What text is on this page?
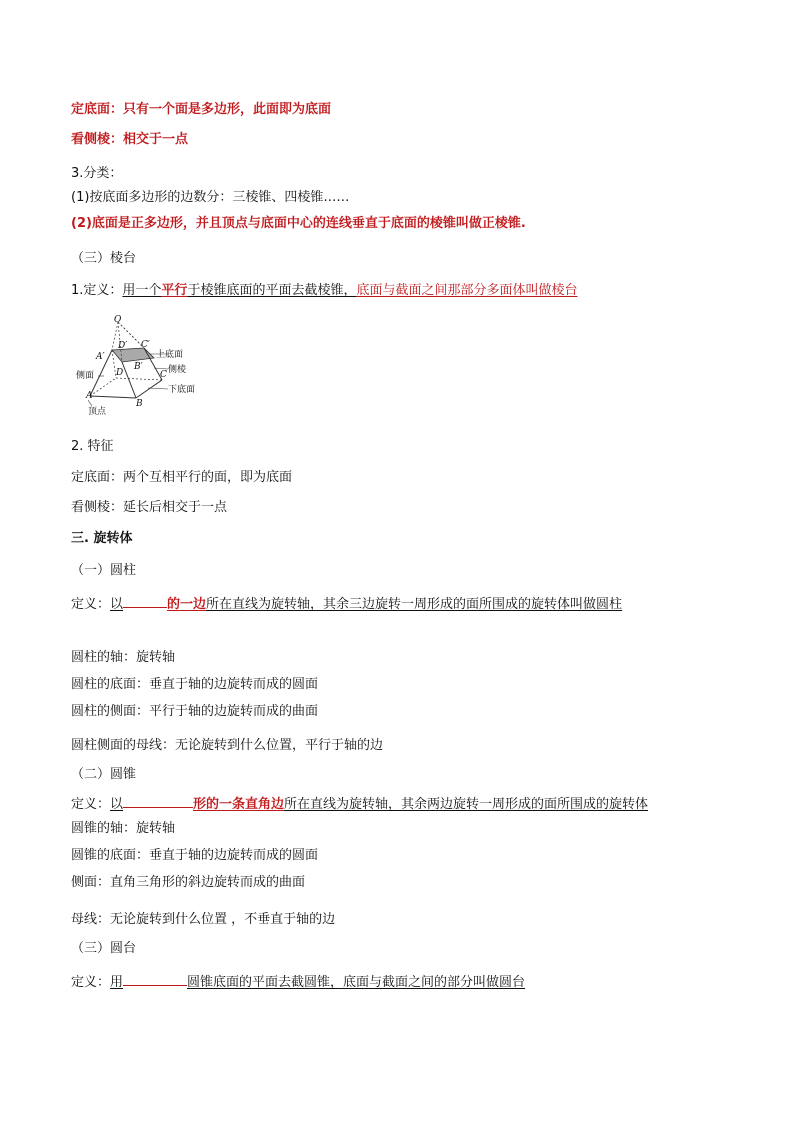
定底面：只有一个面是多边形，此面即为底面
看侧棱：相交于一点
3.分类：
(1)按底面多边形的边数分：三棱锥、四棱锥……
(2)底面是正多边形，并且顶点与底面中心的连线垂直于底面的棱锥叫做正棱锥.
（三）棱台
1.定义：用一个平行于棱锥底面的平面去截棱锥，底面与截面之间那部分多面体叫做棱台
O
D′ C′
A′
B′
D	C
A
B
上底面
侧棱
侧面
下底面
顶点
2. 特征
定底面：两个互相平行的面，即为底面
看侧棱：延长后相交于一点
三. 旋转体
（一）圆柱
定义：以	的一边所在直线为旋转轴，其余三边旋转一周形成的面所围成的旋转体叫做圆柱
圆柱的轴：旋转轴
圆柱的底面：垂直于轴的边旋转而成的圆面
圆柱的侧面：平行于轴的边旋转而成的曲面
圆柱侧面的母线：无论旋转到什么位置，平行于轴的边
（二）圆锥
定义：以	形的一条直角边所在直线为旋转轴，其余两边旋转一周形成的面所围成的旋转体
圆锥的轴：旋转轴
圆锥的底面：垂直于轴的边旋转而成的圆面
侧面：直角三角形的斜边旋转而成的曲面
母线：无论旋转到什么位置 ，不垂直于轴的边
（三）圆台
定义：用	圆锥底面的平面去截圆锥，底面与截面之间的部分叫做圆台
